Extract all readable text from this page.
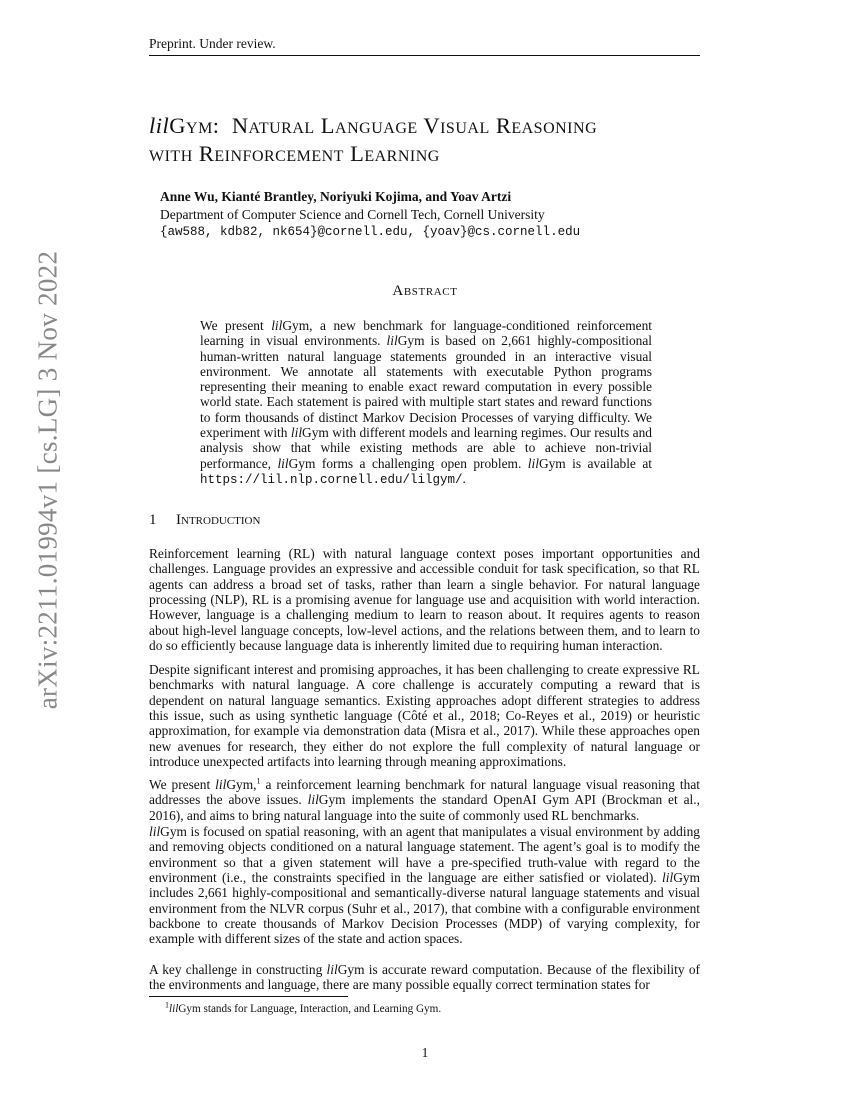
Preprint. Under review.
lilGym: Natural Language Visual Reasoning
with Reinforcement Learning
Anne Wu, Kianté Brantley, Noriyuki Kojima, and Yoav Artzi
Department of Computer Science and Cornell Tech, Cornell University
{aw588, kdb82, nk654}@cornell.edu, {yoav}@cs.cornell.edu
Abstract
We present lilGym, a new benchmark for language-conditioned reinforcement learning in visual environments. lilGym is based on 2,661 highly-compositional human-written natural language statements grounded in an interactive visual environment. We annotate all statements with executable Python programs representing their meaning to enable exact reward computation in every possible world state. Each statement is paired with multiple start states and reward functions to form thousands of distinct Markov Decision Processes of varying difficulty. We experiment with lilGym with different models and learning regimes. Our results and analysis show that while existing methods are able to achieve non-trivial performance, lilGym forms a challenging open problem. lilGym is available at https://lil.nlp.cornell.edu/lilgym/.
1 Introduction
Reinforcement learning (RL) with natural language context poses important opportunities and challenges. Language provides an expressive and accessible conduit for task specification, so that RL agents can address a broad set of tasks, rather than learn a single behavior. For natural language processing (NLP), RL is a promising avenue for language use and acquisition with world interaction. However, language is a challenging medium to learn to reason about. It requires agents to reason about high-level language concepts, low-level actions, and the relations between them, and to learn to do so efficiently because language data is inherently limited due to requiring human interaction.
Despite significant interest and promising approaches, it has been challenging to create expressive RL benchmarks with natural language. A core challenge is accurately computing a reward that is dependent on natural language semantics. Existing approaches adopt different strategies to address this issue, such as using synthetic language (Côté et al., 2018; Co-Reyes et al., 2019) or heuristic approximation, for example via demonstration data (Misra et al., 2017). While these approaches open new avenues for research, they either do not explore the full complexity of natural language or introduce unexpected artifacts into learning through meaning approximations.
We present lilGym,$^1$ a reinforcement learning benchmark for natural language visual reasoning that addresses the above issues. lilGym implements the standard OpenAI Gym API (Brockman et al., 2016), and aims to bring natural language into the suite of commonly used RL benchmarks.
lilGym is focused on spatial reasoning, with an agent that manipulates a visual environment by adding and removing objects conditioned on a natural language statement. The agent’s goal is to modify the environment so that a given statement will have a pre-specified truth-value with regard to the environment (i.e., the constraints specified in the language are either satisfied or violated). lilGym includes 2,661 highly-compositional and semantically-diverse natural language statements and visual environment from the NLVR corpus (Suhr et al., 2017), that combine with a configurable environment backbone to create thousands of Markov Decision Processes (MDP) of varying complexity, for example with different sizes of the state and action spaces.
A key challenge in constructing lilGym is accurate reward computation. Because of the flexibility of the environments and language, there are many possible equally correct termination states for
$^1$lilGym stands for Language, Interaction, and Learning Gym.
1
arXiv:2211.01994v1 [cs.LG] 3 Nov 2022
